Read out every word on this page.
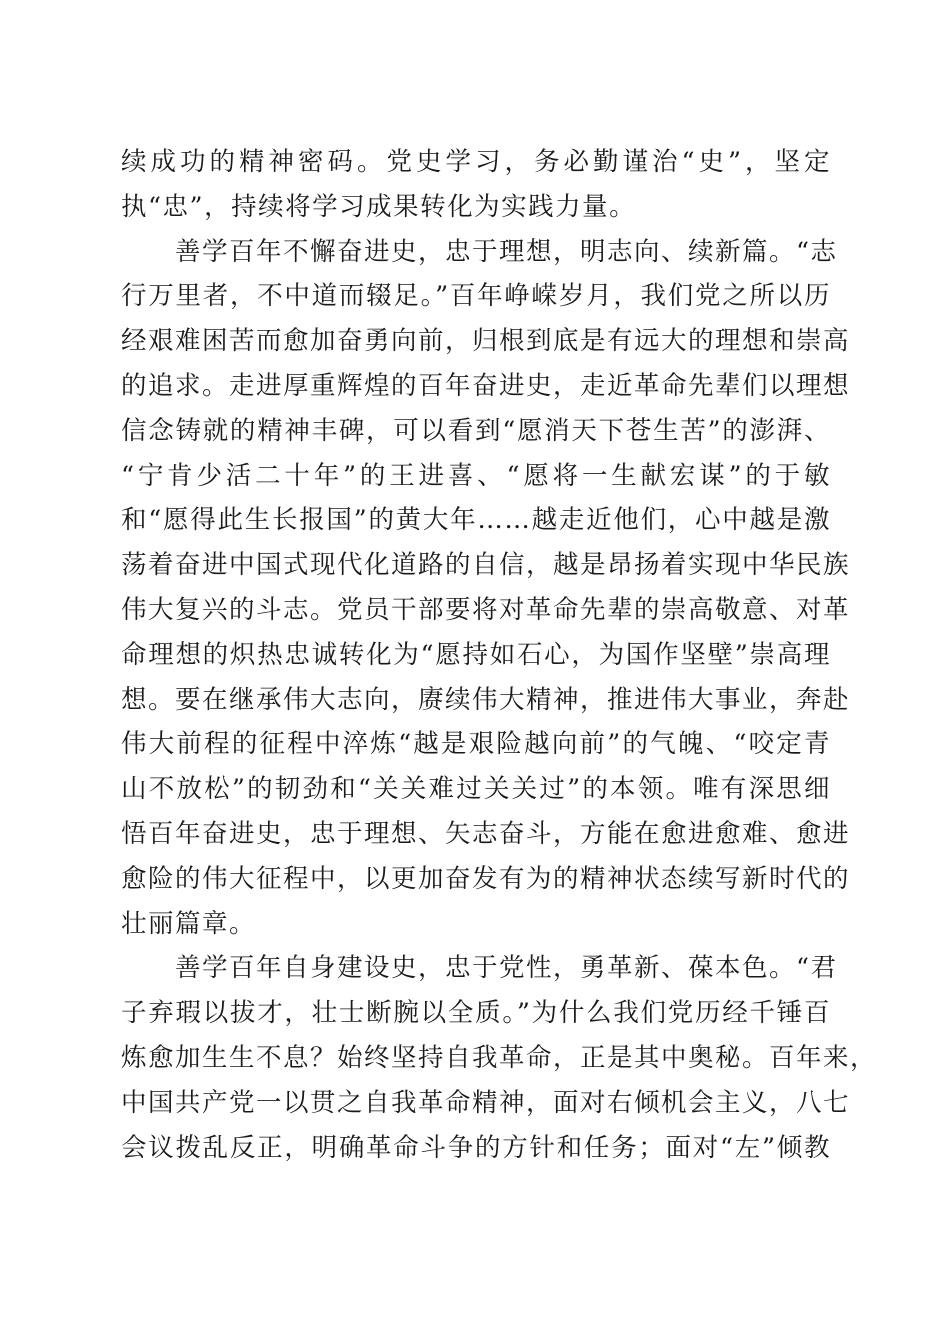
续成功的精神密码。党史学习，务必勤谨治“史”，坚定
执“忠”，持续将学习成果转化为实践力量。
　　善学百年不懈奋进史，忠于理想，明志向、续新篇。“志
行万里者，不中道而辍足。”百年峥嵘岁月，我们党之所以历
经艰难困苦而愈加奋勇向前，归根到底是有远大的理想和崇高
的追求。走进厚重辉煌的百年奋进史，走近革命先辈们以理想
信念铸就的精神丰碑，可以看到“愿消天下苍生苦”的澎湃、
“宁肯少活二十年”的王进喜、“愿将一生献宏谋”的于敏
和“愿得此生长报国”的黄大年……越走近他们，心中越是激
荡着奋进中国式现代化道路的自信，越是昂扬着实现中华民族
伟大复兴的斗志。党员干部要将对革命先辈的崇高敬意、对革
命理想的炽热忠诚转化为“愿持如石心，为国作坚壁”崇高理
想。要在继承伟大志向，赓续伟大精神，推进伟大事业，奔赴
伟大前程的征程中淬炼“越是艰险越向前”的气魄、“咬定青
山不放松”的韧劲和“关关难过关关过”的本领。唯有深思细
悟百年奋进史，忠于理想、矢志奋斗，方能在愈进愈难、愈进
愈险的伟大征程中，以更加奋发有为的精神状态续写新时代的
壮丽篇章。
　　善学百年自身建设史，忠于党性，勇革新、葆本色。“君
子弃瑕以拔才，壮士断腕以全质。”为什么我们党历经千锤百
炼愈加生生不息？始终坚持自我革命，正是其中奥秘。百年来，
中国共产党一以贯之自我革命精神，面对右倾机会主义，八七
会议拨乱反正，明确革命斗争的方针和任务；面对“左”倾教
